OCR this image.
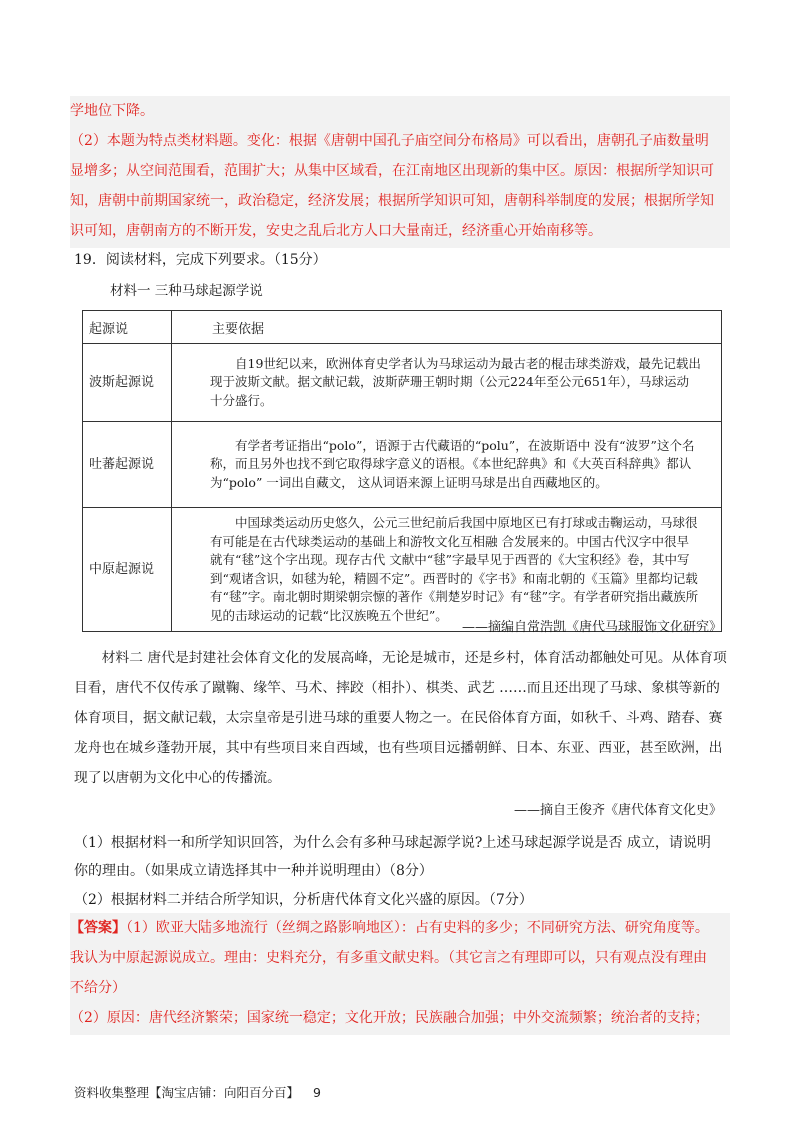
学地位下降。

（2）本题为特点类材料题。变化：根据《唐朝中国孔子庙空间分布格局》可以看出，唐朝孔子庙数量明

显增多；从空间范围看，范围扩大；从集中区域看，在江南地区出现新的集中区。原因：根据所学知识可

知，唐朝中前期国家统一，政治稳定，经济发展；根据所学知识可知，唐朝科举制度的发展；根据所学知

识可知，唐朝南方的不断开发，安史之乱后北方人口大量南迁，经济重心开始南移等。

19．阅读材料，完成下列要求。（15分）
材料一 三种马球起源学说
起源说	主要依据
波斯起源说	自19世纪以来，欧洲体育史学者认为马球运动为最古老的棍击球类游戏，最先记载出现于波斯文献。据文献记载，波斯萨珊王朝时期（公元224年至公元651年），马球运动十分盛行。
吐蕃起源说	有学者考证指出“polo”，语源于古代藏语的“polu”，在波斯语中 没有“波罗”这个名称，而且另外也找不到它取得球字意义的语根。《本世纪辞典》和《大英百科辞典》都认为“polo” 一词出自藏文， 这从词语来源上证明马球是出自西藏地区的。
中原起源说	中国球类运动历史悠久，公元三世纪前后我国中原地区已有打球或击鞠运动，马球很有可能是在古代球类运动的基础上和游牧文化互相融 合发展来的。中国古代汉字中很早就有“毬”这个字出现。现存古代 文献中“毬”字最早见于西晋的《大宝积经》卷，其中写到“观诸含识，如毬为轮，精圆不定”。西晋时的《字书》和南北朝的《玉篇》里都均记载有“毬”字。南北朝时期梁朝宗懔的著作《荆楚岁时记》有“毬”字。有学者研究指出藏族所见的击球运动的记载“比汉族晚五个世纪”。
——摘编自常浩凯《唐代马球服饰文化研究》

材料二 唐代是封建社会体育文化的发展高峰，无论是城市，还是乡村，体育活动都触处可见。从体育项目看，唐代不仅传承了蹴鞠、缘竿、马术、摔跤（相扑）、棋类、武艺 ……而且还出现了马球、象棋等新的体育项目，据文献记载，太宗皇帝是引进马球的重要人物之一。在民俗体育方面，如秋千、斗鸡、踏春、赛龙舟也在城乡蓬勃开展，其中有些项目来自西域，也有些项目远播朝鲜、日本、东亚、西亚，甚至欧洲，出现了以唐朝为文化中心的传播流。

——摘自王俊齐《唐代体育文化史》

（1）根据材料一和所学知识回答，为什么会有多种马球起源学说?上述马球起源学说是否 成立，请说明
你的理由。（如果成立请选择其中一种并说明理由）（8分）

（2）根据材料二并结合所学知识，分析唐代体育文化兴盛的原因。（7分）

【答案】（1）欧亚大陆多地流行（丝绸之路影响地区）：占有史料的多少；不同研究方法、研究角度等。

我认为中原起源说成立。理由：史料充分，有多重文献史料。（其它言之有理即可以，只有观点没有理由

不给分）

（2）原因：唐代经济繁荣；国家统一稳定；文化开放；民族融合加强；中外交流频繁；统治者的支持；

资料收集整理【淘宝店铺：向阳百分百】 9
